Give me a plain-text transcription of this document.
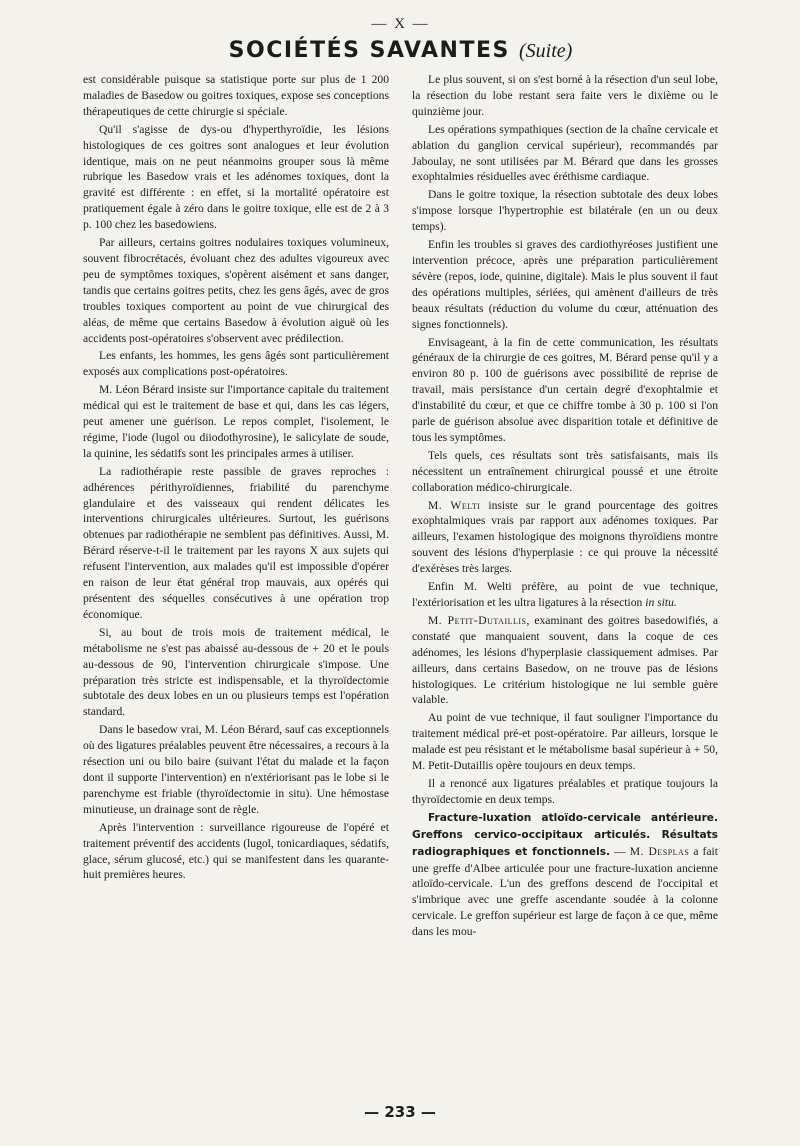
— X —
SOCIÉTÉS SAVANTES (Suite)

est considérable puisque sa statistique porte sur plus de 1 200 maladies de Basedow ou goitres toxiques, expose ses conceptions thérapeutiques de cette chirurgie si spéciale.

Qu'il s'agisse de dys-ou d'hyperthyroïdie, les lésions histologiques de ces goitres sont analogues et leur évolution identique, mais on ne peut néanmoins grouper sous là même rubrique les Basedow vrais et les adénomes toxiques, dont la gravité est différente : en effet, si la mortalité opératoire est pratiquement égale à zéro dans le goitre toxique, elle est de 2 à 3 p. 100 chez les basedowiens.

Par ailleurs, certains goitres nodulaires toxiques volumineux, souvent fibrocrétacés, évoluant chez des adultes vigoureux avec peu de symptômes toxiques, s'opèrent aisément et sans danger, tandis que certains goitres petits, chez les gens âgés, avec de gros troubles toxiques comportent au point de vue chirurgical des aléas, de même que certains Basedow à évolution aiguë où les accidents post-opératoires s'observent avec prédilection.

Les enfants, les hommes, les gens âgés sont particulièrement exposés aux complications post-opératoires.

M. Léon Bérard insiste sur l'importance capitale du traitement médical qui est le traitement de base et qui, dans les cas légers, peut amener une guérison. Le repos complet, l'isolement, le régime, l'iode (lugol ou diiodothyrosine), le salicylate de soude, la quinine, les sédatifs sont les principales armes à utiliser.

La radiothérapie reste passible de graves reproches : adhérences périthyroïdiennes, friabilité du parenchyme glandulaire et des vaisseaux qui rendent délicates les interventions chirurgicales ultérieures. Surtout, les guérisons obtenues par radiothérapie ne semblent pas définitives. Aussi, M. Bérard réserve-t-il le traitement par les rayons X aux sujets qui refusent l'intervention, aux malades qu'il est impossible d'opérer en raison de leur état général trop mauvais, aux opérés qui présentent des séquelles consécutives à une opération trop économique.

Si, au bout de trois mois de traitement médical, le métabolisme ne s'est pas abaissé au-dessous de + 20 et le pouls au-dessous de 90, l'intervention chirurgicale s'impose. Une préparation très stricte est indispensable, et la thyroïdectomie subtotale des deux lobes en un ou plusieurs temps est l'opération standard.

Dans le basedow vrai, M. Léon Bérard, sauf cas exceptionnels où des ligatures préalables peuvent être nécessaires, a recours à la résection uni ou bilo baire (suivant l'état du malade et la façon dont il supporte l'intervention) en n'extériorisant pas le lobe si le parenchyme est friable (thyroïdectomie in situ). Une hémostase minutieuse, un drainage sont de règle.

Après l'intervention : surveillance rigoureuse de l'opéré et traitement préventif des accidents (lugol, tonicardiaques, sédatifs, glace, sérum glucosé, etc.) qui se manifestent dans les quarante-huit premières heures.

Le plus souvent, si on s'est borné à la résection d'un seul lobe, la résection du lobe restant sera faite vers le dixième ou le quinzième jour.

Les opérations sympathiques (section de la chaîne cervicale et ablation du ganglion cervical supérieur), recommandés par Jaboulay, ne sont utilisées par M. Bérard que dans les grosses exophtalmies résiduelles avec éréthisme cardiaque.

Dans le goitre toxique, la résection subtotale des deux lobes s'impose lorsque l'hypertrophie est bilatérale (en un ou deux temps).

Enfin les troubles si graves des cardiothyréoses justifient une intervention précoce, après une préparation particulièrement sévère (repos, iode, quinine, digitale). Mais le plus souvent il faut des opérations multiples, sériées, qui amènent d'ailleurs de très beaux résultats (réduction du volume du cœur, atténuation des signes fonctionnels).

Envisageant, à la fin de cette communication, les résultats généraux de la chirurgie de ces goitres, M. Bérard pense qu'il y a environ 80 p. 100 de guérisons avec possibilité de reprise de travail, mais persistance d'un certain degré d'exophtalmie et d'instabilité du cœur, et que ce chiffre tombe à 30 p. 100 si l'on parle de guérison absolue avec disparition totale et définitive de tous les symptômes.

Tels quels, ces résultats sont très satisfaisants, mais ils nécessitent un entraînement chirurgical poussé et une étroite collaboration médico-chirurgicale.

M. Welti insiste sur le grand pourcentage des goitres exophtalmiques vrais par rapport aux adénomes toxiques. Par ailleurs, l'examen histologique des moignons thyroïdiens montre souvent des lésions d'hyperplasie : ce qui prouve la nécessité d'exérèses très larges.

Enfin M. Welti préfère, au point de vue technique, l'extériorisation et les ultra ligatures à la résection in situ.

M. Petit-Dutaillis, examinant des goitres basedowifiés, a constaté que manquaient souvent, dans la coque de ces adénomes, les lésions d'hyperplasie classiquement admises. Par ailleurs, dans certains Basedow, on ne trouve pas de lésions histologiques. Le critérium histologique ne lui semble guère valable.

Au point de vue technique, il faut souligner l'importance du traitement médical pré-et post-opératoire. Par ailleurs, lorsque le malade est peu résistant et le métabolisme basal supérieur à + 50, M. Petit-Dutaillis opère toujours en deux temps.

Il a renoncé aux ligatures préalables et pratique toujours la thyroïdectomie en deux temps.

Fracture-luxation atloïdo-cervicale antérieure. Greffons cervico-occipitaux articulés. Résultats radiographiques et fonctionnels. — M. Desplas a fait une greffe d'Albee articulée pour une fracture-luxation ancienne atloïdo-cervicale. L'un des greffons descend de l'occipital et s'imbrique avec une greffe ascendante soudée à la colonne cervicale. Le greffon supérieur est large de façon à ce que, même dans les mou-

— 233 —
